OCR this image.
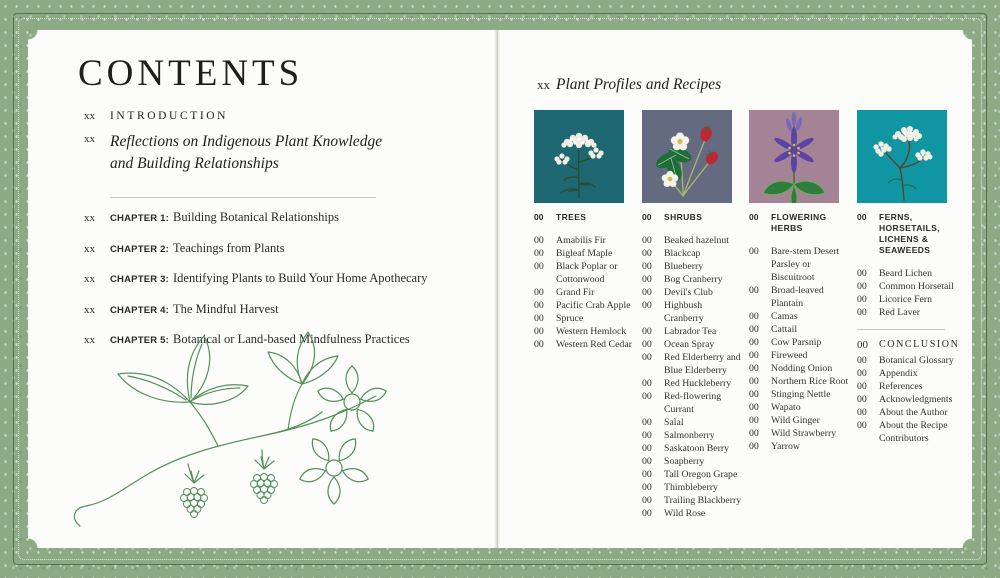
CONTENTS
xx	INTRODUCTION
xx Reflections on Indigenous Plant Knowledge and Building Relationships
xx	CHAPTER 1: Building Botanical Relationships
xx	CHAPTER 2: Teachings from Plants
xx	CHAPTER 3: Identifying Plants to Build Your Home Apothecary
xx	CHAPTER 4: The Mindful Harvest
xx	CHAPTER 5: Botanical or Land-based Mindfulness Practices
xx Plant Profiles and Recipes
00	TREES
00	Amabilis Fir
00	Bigleaf Maple
00	Black Poplar or Cottonwood
00	Grand Fir
00	Pacific Crab Apple
00	Spruce
00	Western Hemlock
00	Western Red Cedar
00	SHRUBS
00	Beaked hazelnut
00	Blackcap
00	Blueberry
00	Bog Cranberry
00	Devil's Club
00	Highbush Cranberry
00	Labrador Tea
00	Ocean Spray
00	Red Elderberry and Blue Elderberry
00	Red Huckleberry
00	Red-flowering Currant
00	Salal
00	Salmonberry
00	Saskatoon Berry
00	Soapberry
00	Tall Oregon Grape
00	Thimbleberry
00	Trailing Blackberry
00	Wild Rose
00	FLOWERING HERBS
00	Bare-stem Desert Parsley or Biscuitroot
00	Broad-leaved Plantain
00	Camas
00	Cattail
00	Cow Parsnip
00	Fireweed
00	Nodding Onion
00	Northern Rice Root
00	Stinging Nettle
00	Wapato
00	Wild Ginger
00	Wild Strawberry
00	Yarrow
00	FERNS, HORSETAILS, LICHENS & SEAWEEDS
00	Beard Lichen
00	Common Horsetail
00	Licorice Fern
00	Red Laver
00	CONCLUSION
00	Botanical Glossary
00	Appendix
00	References
00	Acknowledgments
00	About the Author
00	About the Recipe Contributors
